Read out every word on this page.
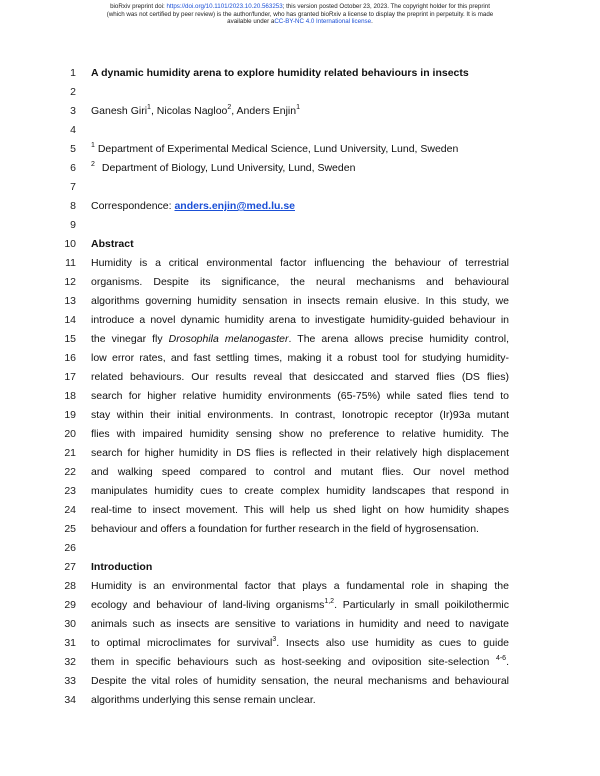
bioRxiv preprint doi: https://doi.org/10.1101/2023.10.20.563253; this version posted October 23, 2023. The copyright holder for this preprint
(which was not certified by peer review) is the author/funder, who has granted bioRxiv a license to display the preprint in perpetuity. It is made
available under aCC-BY-NC 4.0 International license.
1
2
3
4
5
6
7
8
9
10
11
12
13
14
15
16
17
18
19
20
21
22
23
24
25
26
27
28
29
30
31
32
33
34
A dynamic humidity arena to explore humidity related behaviours in insects
Ganesh Giri$^1$, Nicolas Nagloo$^2$, Anders Enjin$^1$
$^1$ Department of Experimental Medical Science, Lund University, Lund, Sweden
$^2$ Department of Biology, Lund University, Lund, Sweden
Correspondence: anders.enjin@med.lu.se
Abstract
Humidity is a critical environmental factor influencing the behaviour of terrestrial
organisms. Despite its significance, the neural mechanisms and behavioural
algorithms governing humidity sensation in insects remain elusive. In this study, we
introduce a novel dynamic humidity arena to investigate humidity-guided behaviour in
the vinegar fly Drosophila melanogaster. The arena allows precise humidity control,
low error rates, and fast settling times, making it a robust tool for studying humidity-
related behaviours. Our results reveal that desiccated and starved flies (DS flies)
search for higher relative humidity environments (65-75%) while sated flies tend to
stay within their initial environments. In contrast, Ionotropic receptor (Ir)93a mutant
flies with impaired humidity sensing show no preference to relative humidity. The
search for higher humidity in DS flies is reflected in their relatively high displacement
and walking speed compared to control and mutant flies. Our novel method
manipulates humidity cues to create complex humidity landscapes that respond in
real-time to insect movement. This will help us shed light on how humidity shapes
behaviour and offers a foundation for further research in the field of hygrosensation.
Introduction
Humidity is an environmental factor that plays a fundamental role in shaping the
ecology and behaviour of land-living organisms$^{1,2}$. Particularly in small poikilothermic
animals such as insects are sensitive to variations in humidity and need to navigate
to optimal microclimates for survival$^3$. Insects also use humidity as cues to guide
them in specific behaviours such as host-seeking and oviposition site-selection $^{4-6}$.
Despite the vital roles of humidity sensation, the neural mechanisms and behavioural
algorithms underlying this sense remain unclear.
